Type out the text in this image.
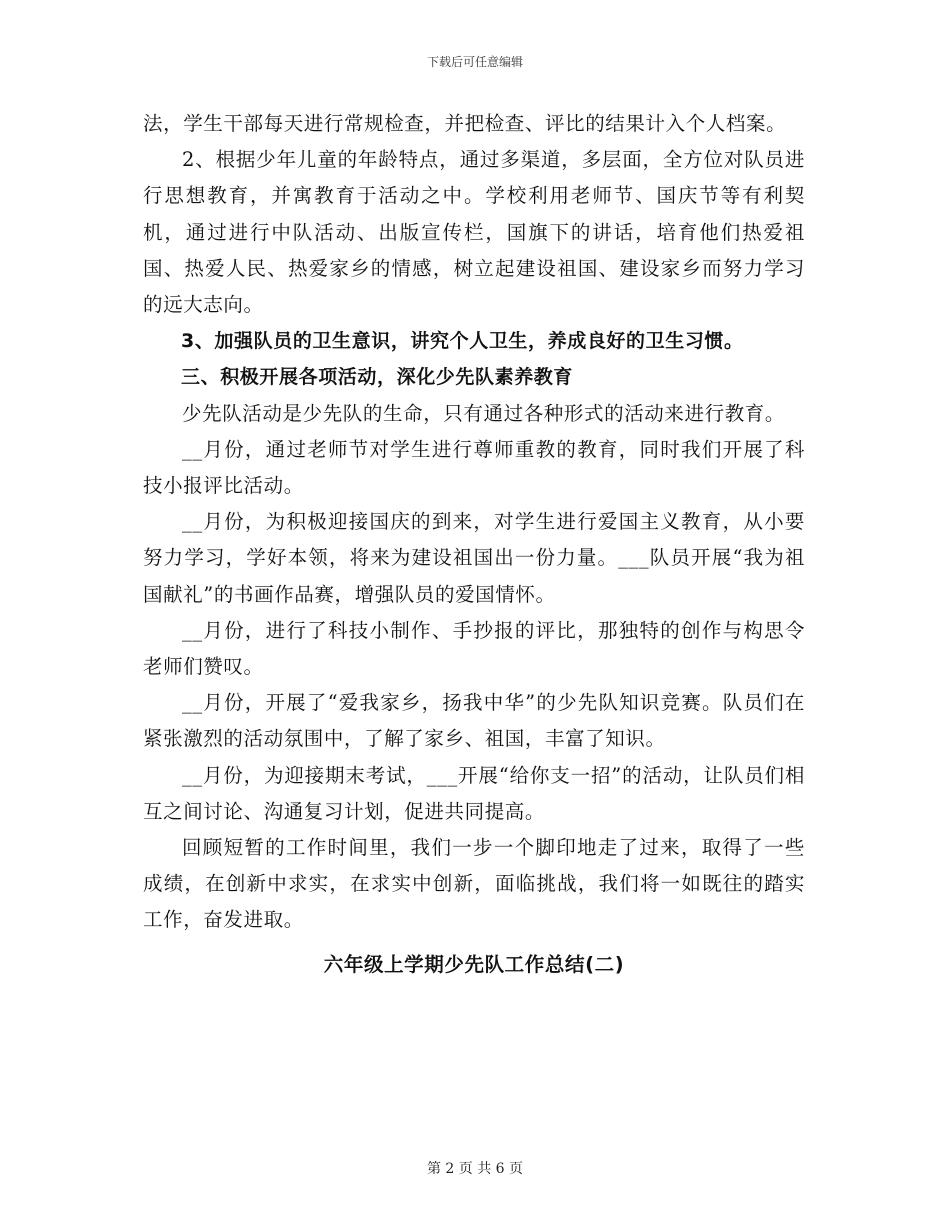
下载后可任意编辑

法，学生干部每天进行常规检查，并把检查、评比的结果计入个人档案。

2、根据少年儿童的年龄特点，通过多渠道，多层面，全方位对队员进行思想教育，并寓教育于活动之中。学校利用老师节、国庆节等有利契机，通过进行中队活动、出版宣传栏，国旗下的讲话，培育他们热爱祖国、热爱人民、热爱家乡的情感，树立起建设祖国、建设家乡而努力学习的远大志向。

3、加强队员的卫生意识，讲究个人卫生，养成良好的卫生习惯。

三、积极开展各项活动，深化少先队素养教育

少先队活动是少先队的生命，只有通过各种形式的活动来进行教育。

__月份，通过老师节对学生进行尊师重教的教育，同时我们开展了科技小报评比活动。

__月份，为积极迎接国庆的到来，对学生进行爱国主义教育，从小要努力学习，学好本领，将来为建设祖国出一份力量。___队员开展“我为祖国献礼”的书画作品赛，增强队员的爱国情怀。

__月份，进行了科技小制作、手抄报的评比，那独特的创作与构思令老师们赞叹。

__月份，开展了“爱我家乡，扬我中华”的少先队知识竞赛。队员们在紧张激烈的活动氛围中，了解了家乡、祖国，丰富了知识。

__月份，为迎接期末考试，___开展“给你支一招”的活动，让队员们相互之间讨论、沟通复习计划，促进共同提高。

回顾短暂的工作时间里，我们一步一个脚印地走了过来，取得了一些成绩，在创新中求实，在求实中创新，面临挑战，我们将一如既往的踏实工作，奋发进取。

六年级上学期少先队工作总结(二)

第 2 页 共 6 页
